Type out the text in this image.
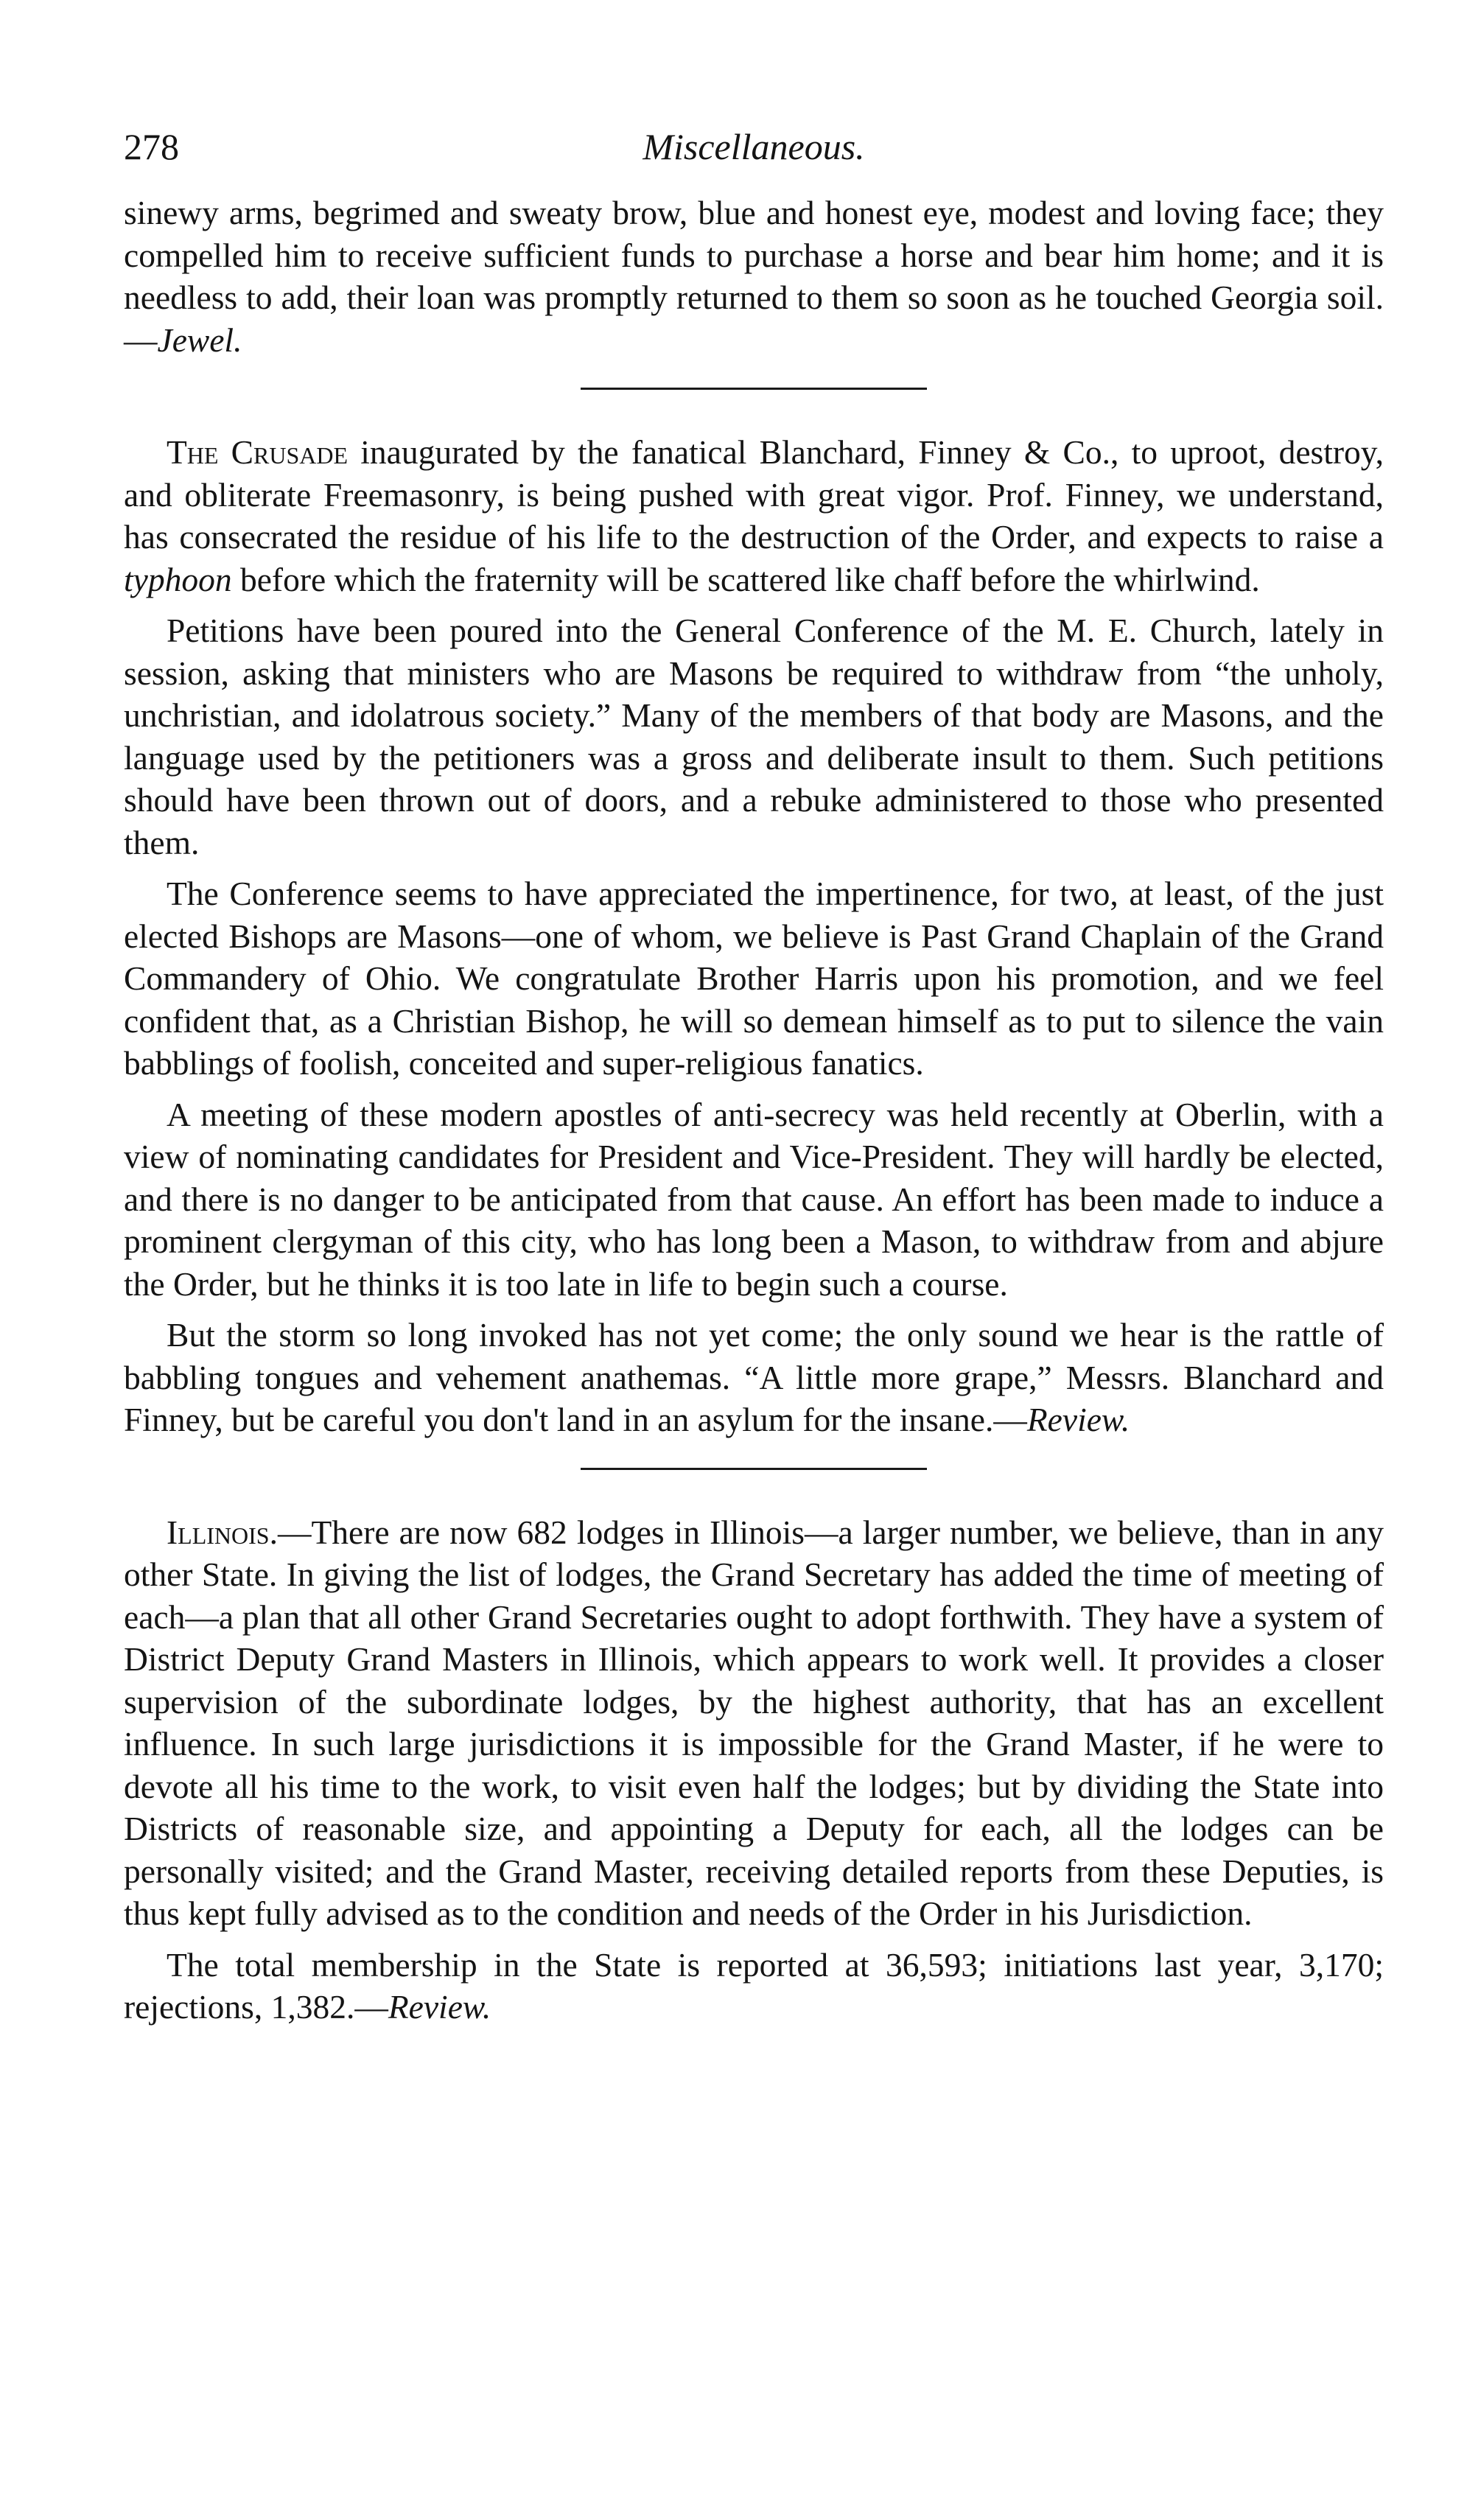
278	Miscellaneous.

sinewy arms, begrimed and sweaty brow, blue and honest eye, modest and loving face; they compelled him to receive sufficient funds to purchase a horse and bear him home; and it is needless to add, their loan was promptly returned to them so soon as he touched Georgia soil.—Jewel.

The Crusade inaugurated by the fanatical Blanchard, Finney & Co., to uproot, destroy, and obliterate Freemasonry, is being pushed with great vigor. Prof. Finney, we understand, has consecrated the residue of his life to the destruction of the Order, and expects to raise a typhoon before which the fraternity will be scattered like chaff before the whirlwind.

Petitions have been poured into the General Conference of the M. E. Church, lately in session, asking that ministers who are Masons be required to withdraw from “the unholy, unchristian, and idolatrous society.” Many of the members of that body are Masons, and the language used by the petitioners was a gross and deliberate insult to them. Such petitions should have been thrown out of doors, and a rebuke administered to those who presented them.

The Conference seems to have appreciated the impertinence, for two, at least, of the just elected Bishops are Masons—one of whom, we believe is Past Grand Chaplain of the Grand Commandery of Ohio. We congratulate Brother Harris upon his promotion, and we feel confident that, as a Christian Bishop, he will so demean himself as to put to silence the vain babblings of foolish, conceited and super-religious fanatics.

A meeting of these modern apostles of anti-secrecy was held recently at Oberlin, with a view of nominating candidates for President and Vice-President. They will hardly be elected, and there is no danger to be anticipated from that cause. An effort has been made to induce a prominent clergyman of this city, who has long been a Mason, to withdraw from and abjure the Order, but he thinks it is too late in life to begin such a course.

But the storm so long invoked has not yet come; the only sound we hear is the rattle of babbling tongues and vehement anathemas. “A little more grape,” Messrs. Blanchard and Finney, but be careful you don't land in an asylum for the insane.—Review.

Illinois.—There are now 682 lodges in Illinois—a larger number, we believe, than in any other State. In giving the list of lodges, the Grand Secretary has added the time of meeting of each—a plan that all other Grand Secretaries ought to adopt forthwith. They have a system of District Deputy Grand Masters in Illinois, which appears to work well. It provides a closer supervision of the subordinate lodges, by the highest authority, that has an excellent influence. In such large jurisdictions it is impossible for the Grand Master, if he were to devote all his time to the work, to visit even half the lodges; but by dividing the State into Districts of reasonable size, and appointing a Deputy for each, all the lodges can be personally visited; and the Grand Master, receiving detailed reports from these Deputies, is thus kept fully advised as to the condition and needs of the Order in his Jurisdiction.

The total membership in the State is reported at 36,593; initiations last year, 3,170; rejections, 1,382.—Review.
